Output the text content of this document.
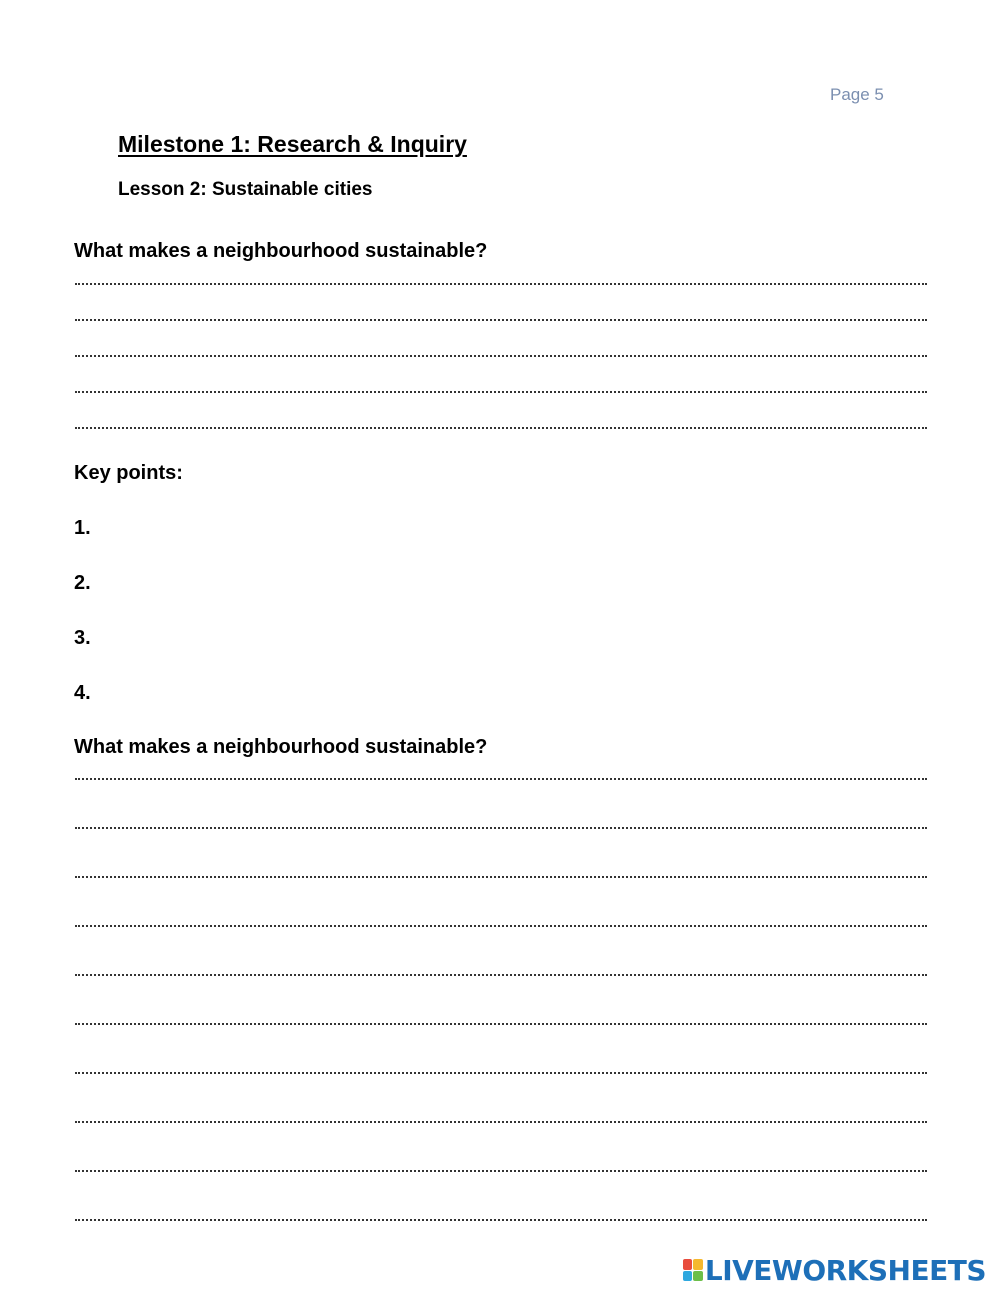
Page 5
Milestone 1: Research & Inquiry
Lesson 2: Sustainable cities
What makes a neighbourhood sustainable?
Key points:
1.
2.
3.
4.
What makes a neighbourhood sustainable?
LIVEWORKSHEETS
